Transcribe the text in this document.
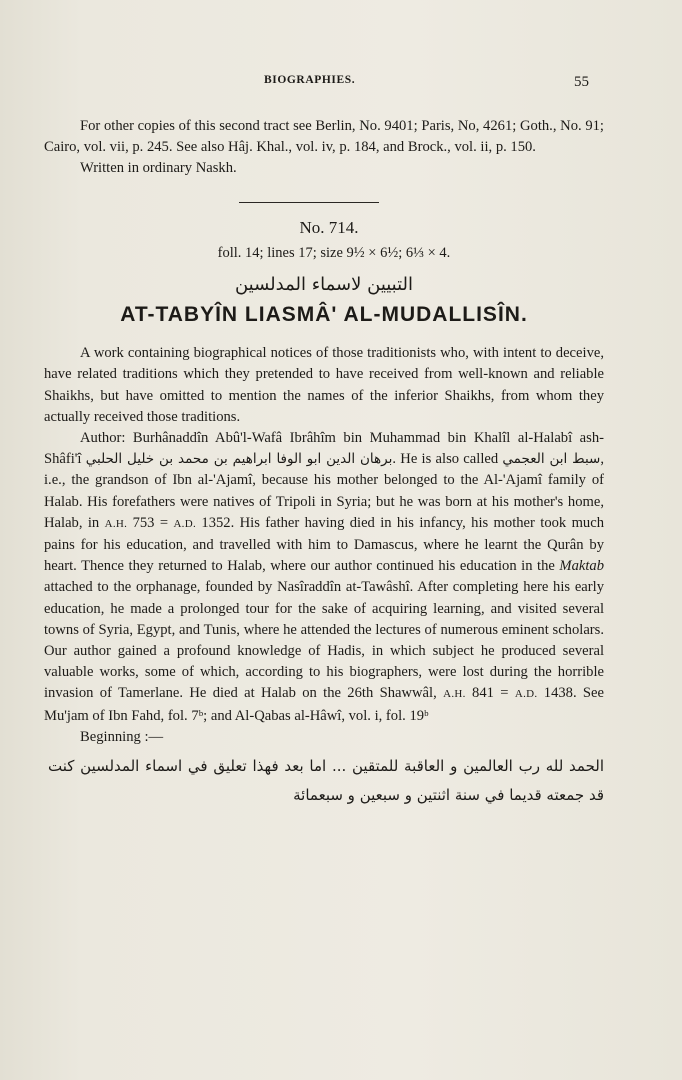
BIOGRAPHIES.	55

For other copies of this second tract see Berlin, No. 9401; Paris, No, 4261; Goth., No. 91; Cairo, vol. vii, p. 245. See also Hâj. Khal., vol. iv, p. 184, and Brock., vol. ii, p. 150.

Written in ordinary Naskh.

No. 714.
foll. 14; lines 17; size 9½ × 6½; 6⅓ × 4.
التبيين لاسماء المدلسين
AT-TABYÎN LIASMÂ' AL-MUDALLISÎN.

A work containing biographical notices of those traditionists who, with intent to deceive, have related traditions which they pretended to have received from well-known and reliable Shaikhs, but have omitted to mention the names of the inferior Shaikhs, from whom they actually received those traditions.

Author: Burhânaddîn Abû'l-Wafâ Ibrâhîm bin Muhammad bin Khalîl al-Halabî ash-Shâfi'î برهان الدين ابو الوفا ابراهيم بن محمد بن خليل الحلبي. He is also called سبط ابن العجمي, i.e., the grandson of Ibn al-'Ajamî, because his mother belonged to the Al-'Ajamî family of Halab. His forefathers were natives of Tripoli in Syria; but he was born at his mother's home, Halab, in A.H. 753 = A.D. 1352. His father having died in his infancy, his mother took much pains for his education, and travelled with him to Damascus, where he learnt the Qurân by heart. Thence they returned to Halab, where our author continued his education in the Maktab attached to the orphanage, founded by Nasîraddîn at-Tawâshî. After completing here his early education, he made a prolonged tour for the sake of acquiring learning, and visited several towns of Syria, Egypt, and Tunis, where he attended the lectures of numerous eminent scholars. Our author gained a profound knowledge of Hadis, in which subject he produced several valuable works, some of which, according to his biographers, were lost during the horrible invasion of Tamerlane. He died at Halab on the 26th Shawwâl, A.H. 841 = A.D. 1438. See Mu'jam of Ibn Fahd, fol. 7ᵇ; and Al-Qabas al-Hâwî, vol. i, fol. 19ᵇ

Beginning :—

الحمد لله رب العالمين و العاقبة للمتقين ... اما بعد فهذا تعليق في اسماء المدلسين كنت قد جمعته قديما في سنة اثنتين و سبعين و سبعمائة
